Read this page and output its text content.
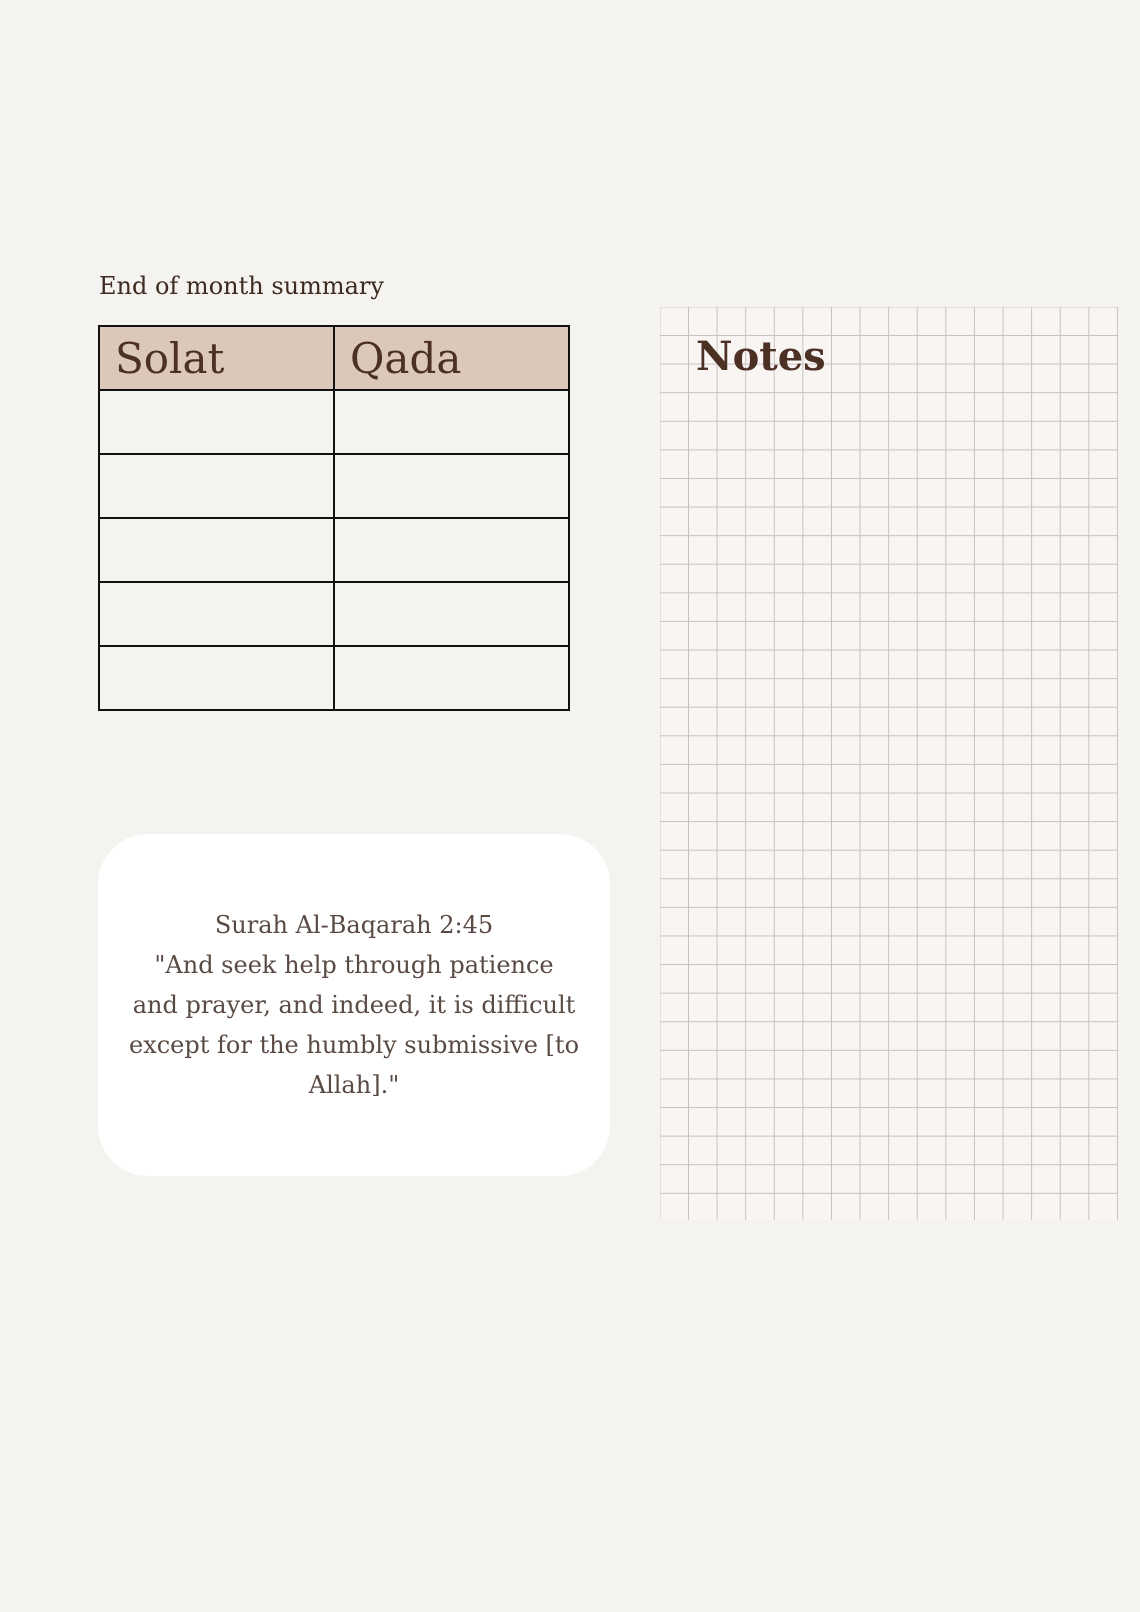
End of month summary
Solat	Qada

Surah Al-Baqarah 2:45
"And seek help through patience and prayer, and indeed, it is difficult except for the humbly submissive [to Allah]."
Notes
